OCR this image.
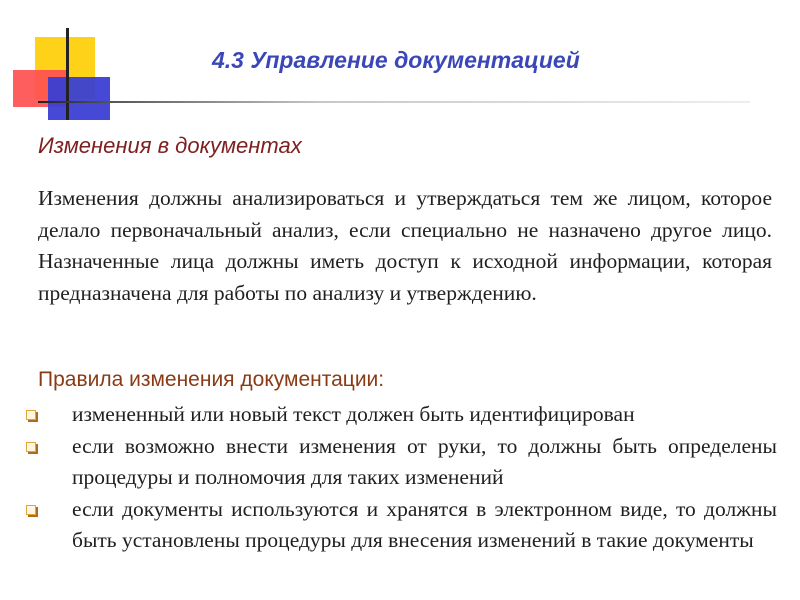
4.3 Управление документацией
Изменения в документах

Изменения должны анализироваться и утверждаться тем же лицом, которое делало первоначальный анализ, если специально не назначено другое лицо. Назначенные лица должны иметь доступ к исходной информации, которая предназначена для работы по анализу и утверждению.

Правила изменения документации:
измененный или новый текст должен быть идентифицирован
если возможно внести изменения от руки, то должны быть определены процедуры и полномочия для таких изменений
если документы используются и хранятся в электронном виде, то должны быть установлены процедуры для внесения изменений в такие документы
